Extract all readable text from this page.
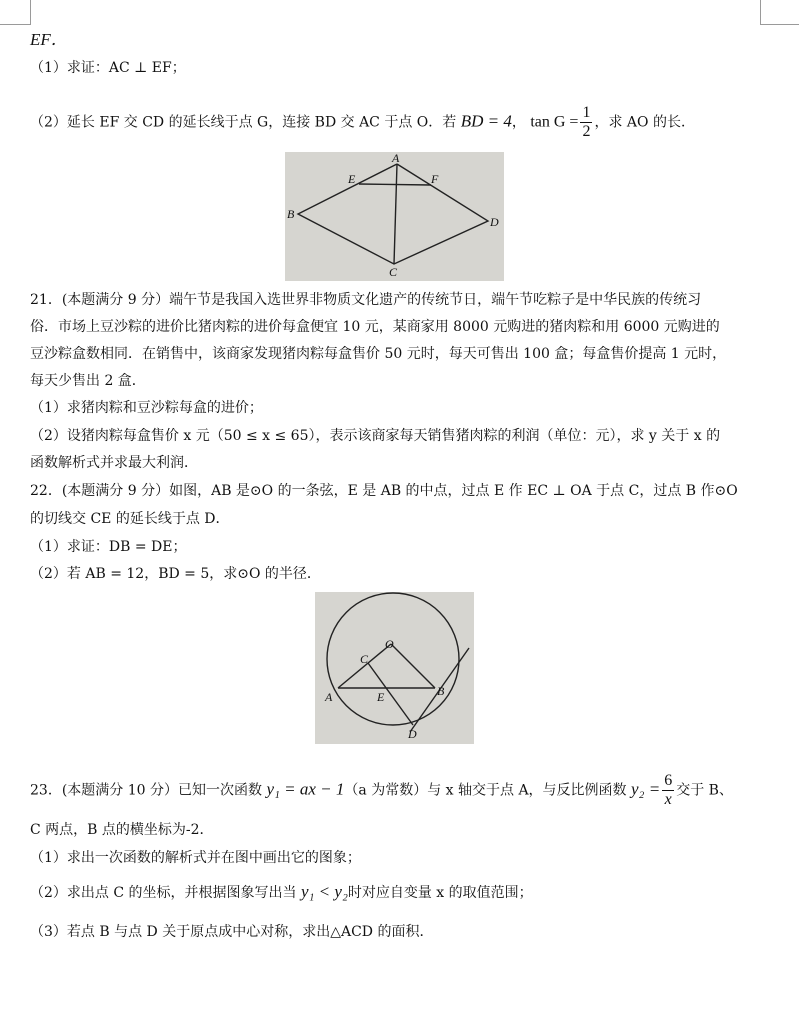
EF．
（1）求证：AC ⊥ EF；
（2）延长 EF 交 CD 的延长线于点 G，连接 BD 交 AC 于点 O．若 BD = 4， $\tan G = \frac{1}{2}$ ，求 AO 的长．
A
E	F
B
D
C
21．(本题满分 9 分）端午节是我国入选世界非物质文化遗产的传统节日，端午节吃粽子是中华民族的传统习
俗．市场上豆沙粽的进价比猪肉粽的进价每盒便宜 10 元，某商家用 8000 元购进的猪肉粽和用 6000 元购进的
豆沙粽盒数相同．在销售中，该商家发现猪肉粽每盒售价 50 元时，每天可售出 100 盒；每盒售价提高 1 元时，
每天少售出 2 盒．
（1）求猪肉粽和豆沙粽每盒的进价；
（2）设猪肉粽每盒售价 x 元（50 ≤ x ≤ 65），表示该商家每天销售猪肉粽的利润（单位：元），求 y 关于 x 的
函数解析式并求最大利润．
22．(本题满分 9 分）如图，AB 是⊙O 的一条弦，E 是 AB 的中点，过点 E 作 EC ⊥ OA 于点 C，过点 B 作⊙O
的切线交 CE 的延长线于点 D．
（1）求证：DB = DE；
（2）若 AB = 12，BD = 5，求⊙O 的半径．
O
C
A	E	B
D
23．(本题满分 10 分）已知一次函数 y₁ = ax − 1（a 为常数）与 x 轴交于点 A，与反比例函数 $y_2 = \frac{6}{x}$ 交于 B、
C 两点，B 点的横坐标为-2．
（1）求出一次函数的解析式并在图中画出它的图象；
（2）求出点 C 的坐标，并根据图象写出当 y₁ < y₂时对应自变量 x 的取值范围；
（3）若点 B 与点 D 关于原点成中心对称，求出△ACD 的面积．
